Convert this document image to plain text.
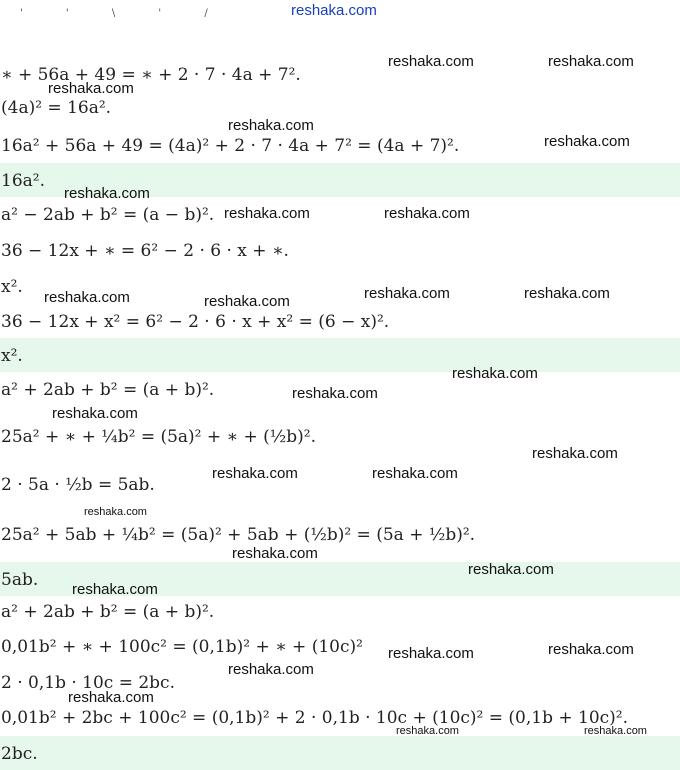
' ' \ ' /	reshaka.com
∗ + 56a + 49 = ∗ + 2 · 7 · 4a + 7².
(4a)² = 16a².
16a² + 56a + 49 = (4a)² + 2 · 7 · 4a + 7² = (4a + 7)².
16a².
a² − 2ab + b² = (a − b)².
36 − 12x + ∗ = 6² − 2 · 6 · x + ∗.
x².
36 − 12x + x² = 6² − 2 · 6 · x + x² = (6 − x)².
x².
a² + 2ab + b² = (a + b)².
25a² + ∗ + ¼b² = (5a)² + ∗ + (½b)².
2 · 5a · ½b = 5ab.
25a² + 5ab + ¼b² = (5a)² + 5ab + (½b)² = (5a + ½b)².
5ab.
a² + 2ab + b² = (a + b)².
0,01b² + ∗ + 100c² = (0,1b)² + ∗ + (10c)²
2 · 0,1b · 10c = 2bc.
0,01b² + 2bc + 100c² = (0,1b)² + 2 · 0,1b · 10c + (10c)² = (0,1b + 10c)².
2bc.
reshaka.com	reshaka.com
reshaka.com
reshaka.com
reshaka.com
reshaka.com
reshaka.com	reshaka.com
reshaka.com	reshaka.com	reshaka.com	reshaka.com
reshaka.com
reshaka.com
reshaka.com
reshaka.com
reshaka.com	reshaka.com
reshaka.com
reshaka.com
reshaka.com
reshaka.com
reshaka.com
reshaka.com
reshaka.com
reshaka.com
reshaka.com	reshaka.com
